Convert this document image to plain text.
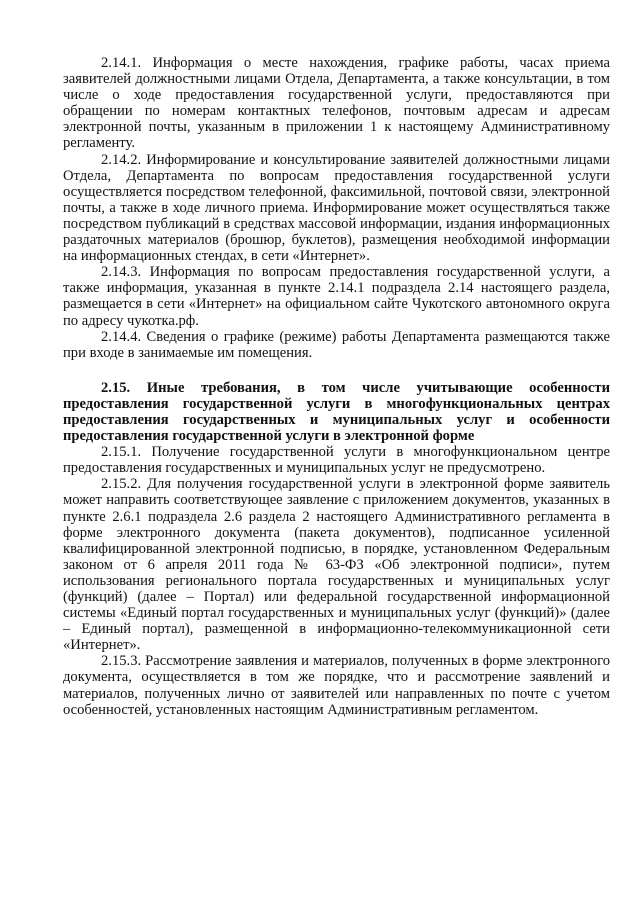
2.14.1. Информация о месте нахождения, графике работы, часах приема заявителей должностными лицами Отдела, Департамента, а также консультации, в том числе о ходе предоставления государственной услуги, предоставляются при обращении по номерам контактных телефонов, почтовым адресам и адресам электронной почты, указанным в приложении 1 к настоящему Административному регламенту.

2.14.2. Информирование и консультирование заявителей должностными лицами Отдела, Департамента по вопросам предоставления государственной услуги осуществляется посредством телефонной, факсимильной, почтовой связи, электронной почты, а также в ходе личного приема. Информирование может осуществляться также посредством публикаций в средствах массовой информации, издания информационных раздаточных материалов (брошюр, буклетов), размещения необходимой информации на информационных стендах, в сети «Интернет».

2.14.3. Информация по вопросам предоставления государственной услуги, а также информация, указанная в пункте 2.14.1 подраздела 2.14 настоящего раздела, размещается в сети «Интернет» на официальном сайте Чукотского автономного округа по адресу чукотка.рф.

2.14.4. Сведения о графике (режиме) работы Департамента размещаются также при входе в занимаемые им помещения.

2.15. Иные требования, в том числе учитывающие особенности предоставления государственной услуги в многофункциональных центрах предоставления государственных и муниципальных услуг и особенности предоставления государственной услуги в электронной форме

2.15.1. Получение государственной услуги в многофункциональном центре предоставления государственных и муниципальных услуг не предусмотрено.

2.15.2. Для получения государственной услуги в электронной форме заявитель может направить соответствующее заявление с приложением документов, указанных в пункте 2.6.1 подраздела 2.6 раздела 2 настоящего Административного регламента в форме электронного документа (пакета документов), подписанное усиленной квалифицированной электронной подписью, в порядке, установленном Федеральным законом от 6 апреля 2011 года № 63-ФЗ «Об электронной подписи», путем использования регионального портала государственных и муниципальных услуг (функций) (далее – Портал) или федеральной государственной информационной системы «Единый портал государственных и муниципальных услуг (функций)» (далее – Единый портал), размещенной в информационно-телекоммуникационной сети «Интернет».

2.15.3. Рассмотрение заявления и материалов, полученных в форме электронного документа, осуществляется в том же порядке, что и рассмотрение заявлений и материалов, полученных лично от заявителей или направленных по почте с учетом особенностей, установленных настоящим Административным регламентом.
